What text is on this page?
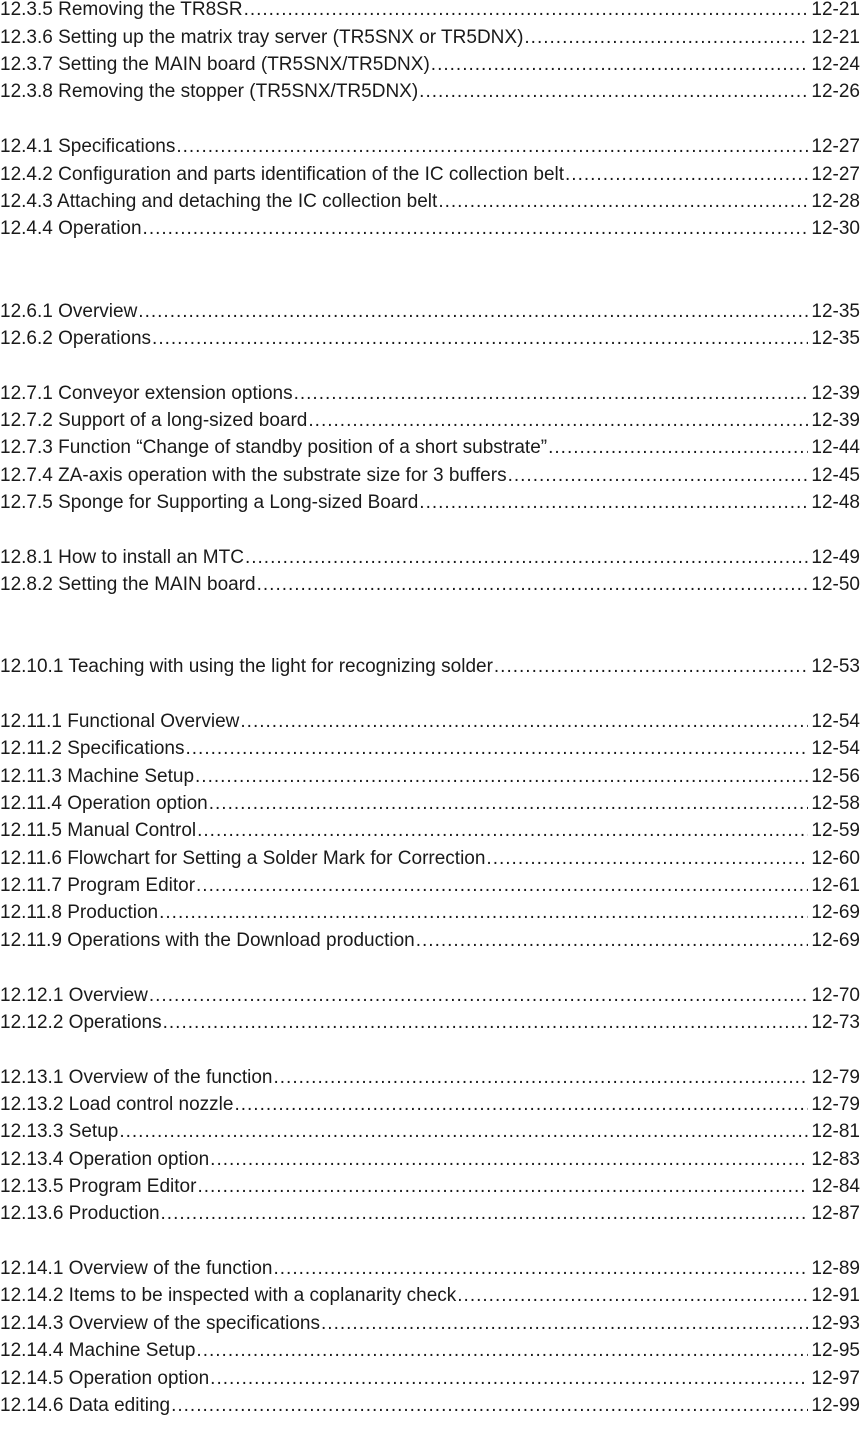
12.3.5 Removing the TR8SR .....	12-21
12.3.6 Setting up the matrix tray server (TR5SNX or TR5DNX) .....	12-21
12.3.7 Setting the MAIN board (TR5SNX/TR5DNX) .....	12-24
12.3.8 Removing the stopper (TR5SNX/TR5DNX) .....	12-26
12.4.1 Specifications .....	12-27
12.4.2 Configuration and parts identification of the IC collection belt .....	12-27
12.4.3 Attaching and detaching the IC collection belt .....	12-28
12.4.4 Operation .....	12-30
12.6.1 Overview .....	12-35
12.6.2 Operations .....	12-35
12.7.1 Conveyor extension options .....	12-39
12.7.2 Support of a long-sized board .....	12-39
12.7.3 Function “Change of standby position of a short substrate” .....	12-44
12.7.4 ZA-axis operation with the substrate size for 3 buffers .....	12-45
12.7.5 Sponge for Supporting a Long-sized Board .....	12-48
12.8.1 How to install an MTC .....	12-49
12.8.2 Setting the MAIN board .....	12-50
12.10.1 Teaching with using the light for recognizing solder .....	12-53
12.11.1 Functional Overview .....	12-54
12.11.2 Specifications .....	12-54
12.11.3 Machine Setup .....	12-56
12.11.4 Operation option .....	12-58
12.11.5 Manual Control .....	12-59
12.11.6 Flowchart for Setting a Solder Mark for Correction .....	12-60
12.11.7 Program Editor .....	12-61
12.11.8 Production .....	12-69
12.11.9 Operations with the Download production .....	12-69
12.12.1 Overview .....	12-70
12.12.2 Operations .....	12-73
12.13.1 Overview of the function .....	12-79
12.13.2 Load control nozzle .....	12-79
12.13.3 Setup .....	12-81
12.13.4 Operation option .....	12-83
12.13.5 Program Editor .....	12-84
12.13.6 Production .....	12-87
12.14.1 Overview of the function .....	12-89
12.14.2 Items to be inspected with a coplanarity check .....	12-91
12.14.3 Overview of the specifications .....	12-93
12.14.4 Machine Setup .....	12-95
12.14.5 Operation option .....	12-97
12.14.6 Data editing .....	12-99
